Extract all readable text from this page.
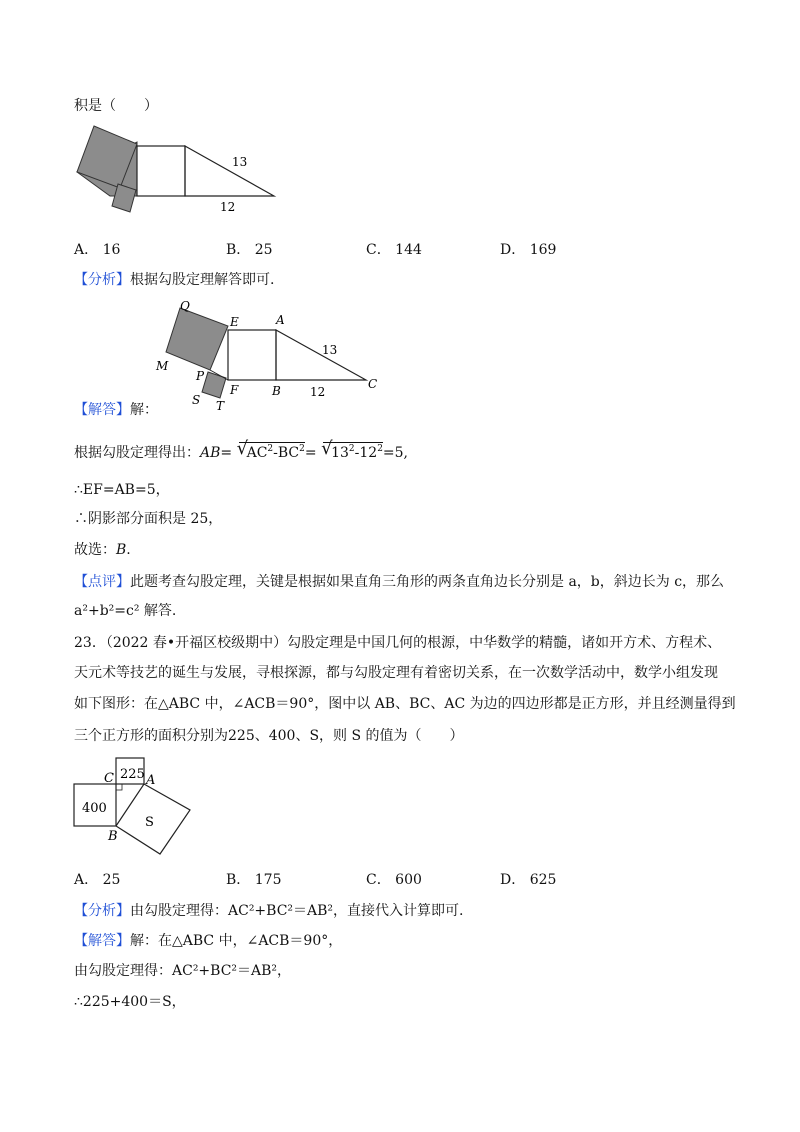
积是（　　）
13
12
A． 16	B． 25	C． 144	D． 169
【分析】根据勾股定理解答即可.
Q
E	A
M
P
F	B	C
S T
13
12
【解答】解：
根据勾股定理得出：AB= √
$AC^2-BC^2=$ √
$13^2-12^2=5$,
∴EF=AB=5，
∴阴影部分面积是 25，
故选：B.
【点评】此题考查勾股定理，关键是根据如果直角三角形的两条直角边长分别是 a，b，斜边长为 c，那么
a²+b²=c² 解答.
23．（2022 春•开福区校级期中）勾股定理是中国几何的根源，中华数学的精髓，诸如开方术、方程术、
天元术等技艺的诞生与发展，寻根探源，都与勾股定理有着密切关系，在一次数学活动中，数学小组发现
如下图形：在△ABC 中，∠ACB＝90°，图中以 AB、BC、AC 为边的四边形都是正方形，并且经测量得到
三个正方形的面积分别为225、400、S，则 S 的值为（　　）
225
400
S
C A
B
A． 25	B． 175	C． 600	D． 625
【分析】由勾股定理得：AC²+BC²＝AB²，直接代入计算即可.
【解答】解：在△ABC 中，∠ACB＝90°，
由勾股定理得：AC²+BC²＝AB²，
∴225+400＝S，
